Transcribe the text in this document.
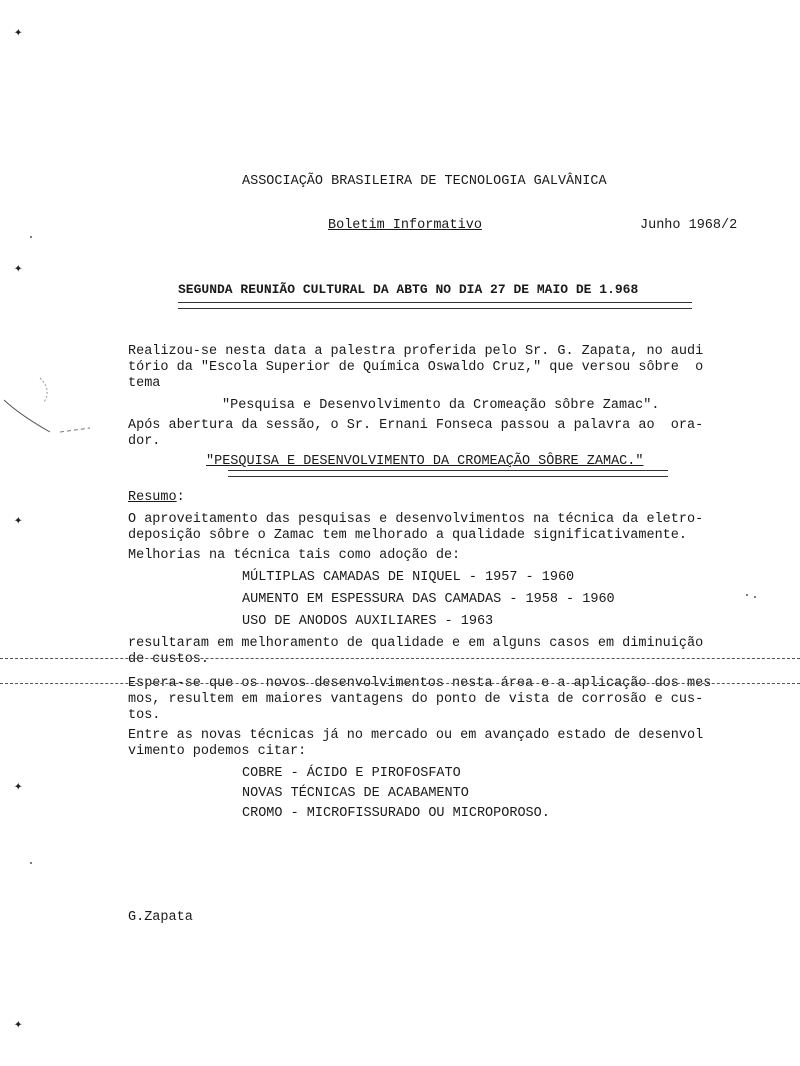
✦
✦
✦
✦
✦
ASSOCIAÇÃO BRASILEIRA DE TECNOLOGIA GALVÂNICA
Boletim Informativo	Junho 1968/2
SEGUNDA REUNIÃO CULTURAL DA ABTG NO DIA 27 DE MAIO DE 1.968
Realizou-se nesta data a palestra proferida pelo Sr. G. Zapata, no audi
tório da "Escola Superior de Química Oswaldo Cruz," que versou sôbre  o
tema
"Pesquisa e Desenvolvimento da Cromeação sôbre Zamac".
Após abertura da sessão, o Sr. Ernani Fonseca passou a palavra ao  ora-
dor.
"PESQUISA E DESENVOLVIMENTO DA CROMEAÇÃO SÔBRE ZAMAC."
Resumo:
O aproveitamento das pesquisas e desenvolvimentos na técnica da eletro-
deposição sôbre o Zamac tem melhorado a qualidade significativamente.
Melhorias na técnica tais como adoção de:
MÚLTIPLAS CAMADAS DE NIQUEL - 1957 - 1960
AUMENTO EM ESPESSURA DAS CAMADAS - 1958 - 1960
USO DE ANODOS AUXILIARES - 1963
resultaram em melhoramento de qualidade e em alguns casos em diminuição
de custos.
Espera-se que os novos desenvolvimentos nesta área e a aplicação dos mes
mos, resultem em maiores vantagens do ponto de vista de corrosão e cus-
tos.
Entre as novas técnicas já no mercado ou em avançado estado de desenvol
vimento podemos citar:
COBRE - ÁCIDO E PIROFOSFATO
NOVAS TÉCNICAS DE ACABAMENTO
CROMO - MICROFISSURADO OU MICROPOROSO.
G.Zapata
